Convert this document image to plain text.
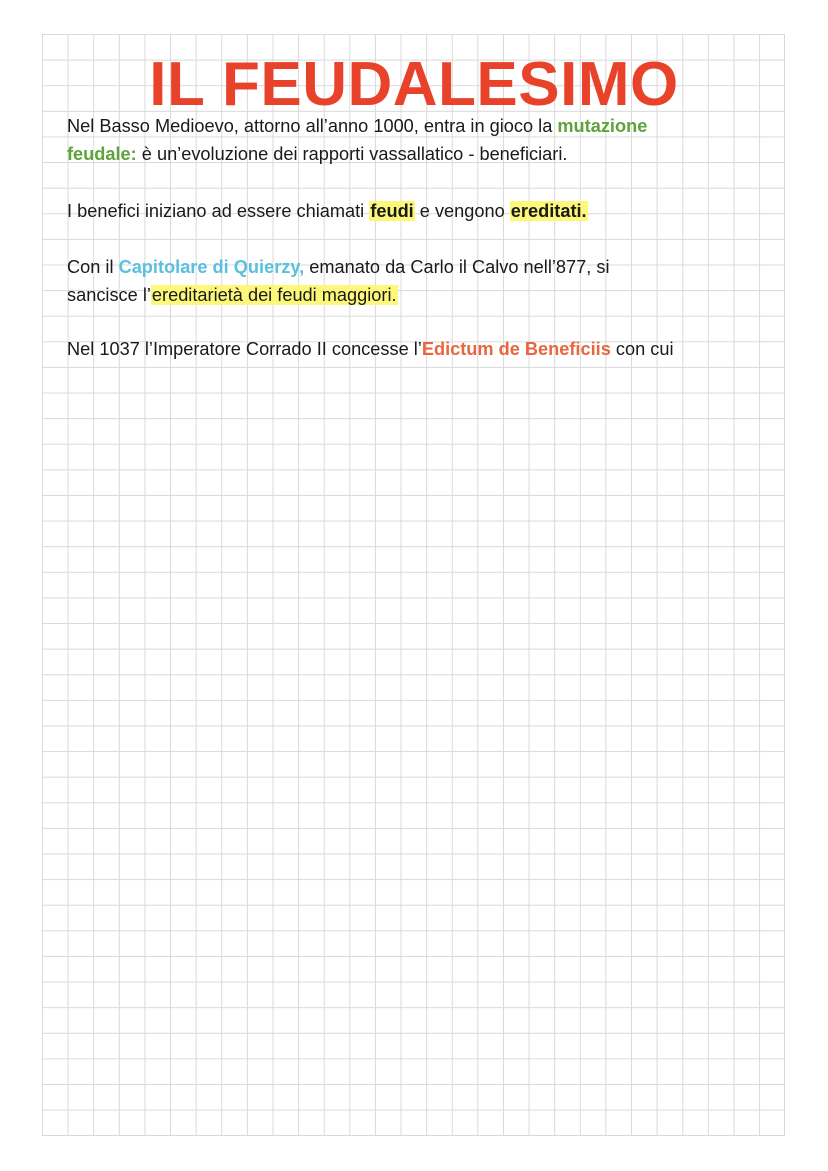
IL FEUDALESIMO
Nel Basso Medioevo, attorno all’anno 1000, entra in gioco la mutazione
feudale: è un’evoluzione dei rapporti vassallatico - beneficiari.
I benefici iniziano ad essere chiamati feudi e vengono ereditati.
Con il Capitolare di Quierzy, emanato da Carlo il Calvo nell’877, si
sancisce l’ereditarietà dei feudi maggiori.
Nel 1037 l’Imperatore Corrado II concesse l’Edictum de Beneficiis con cui
